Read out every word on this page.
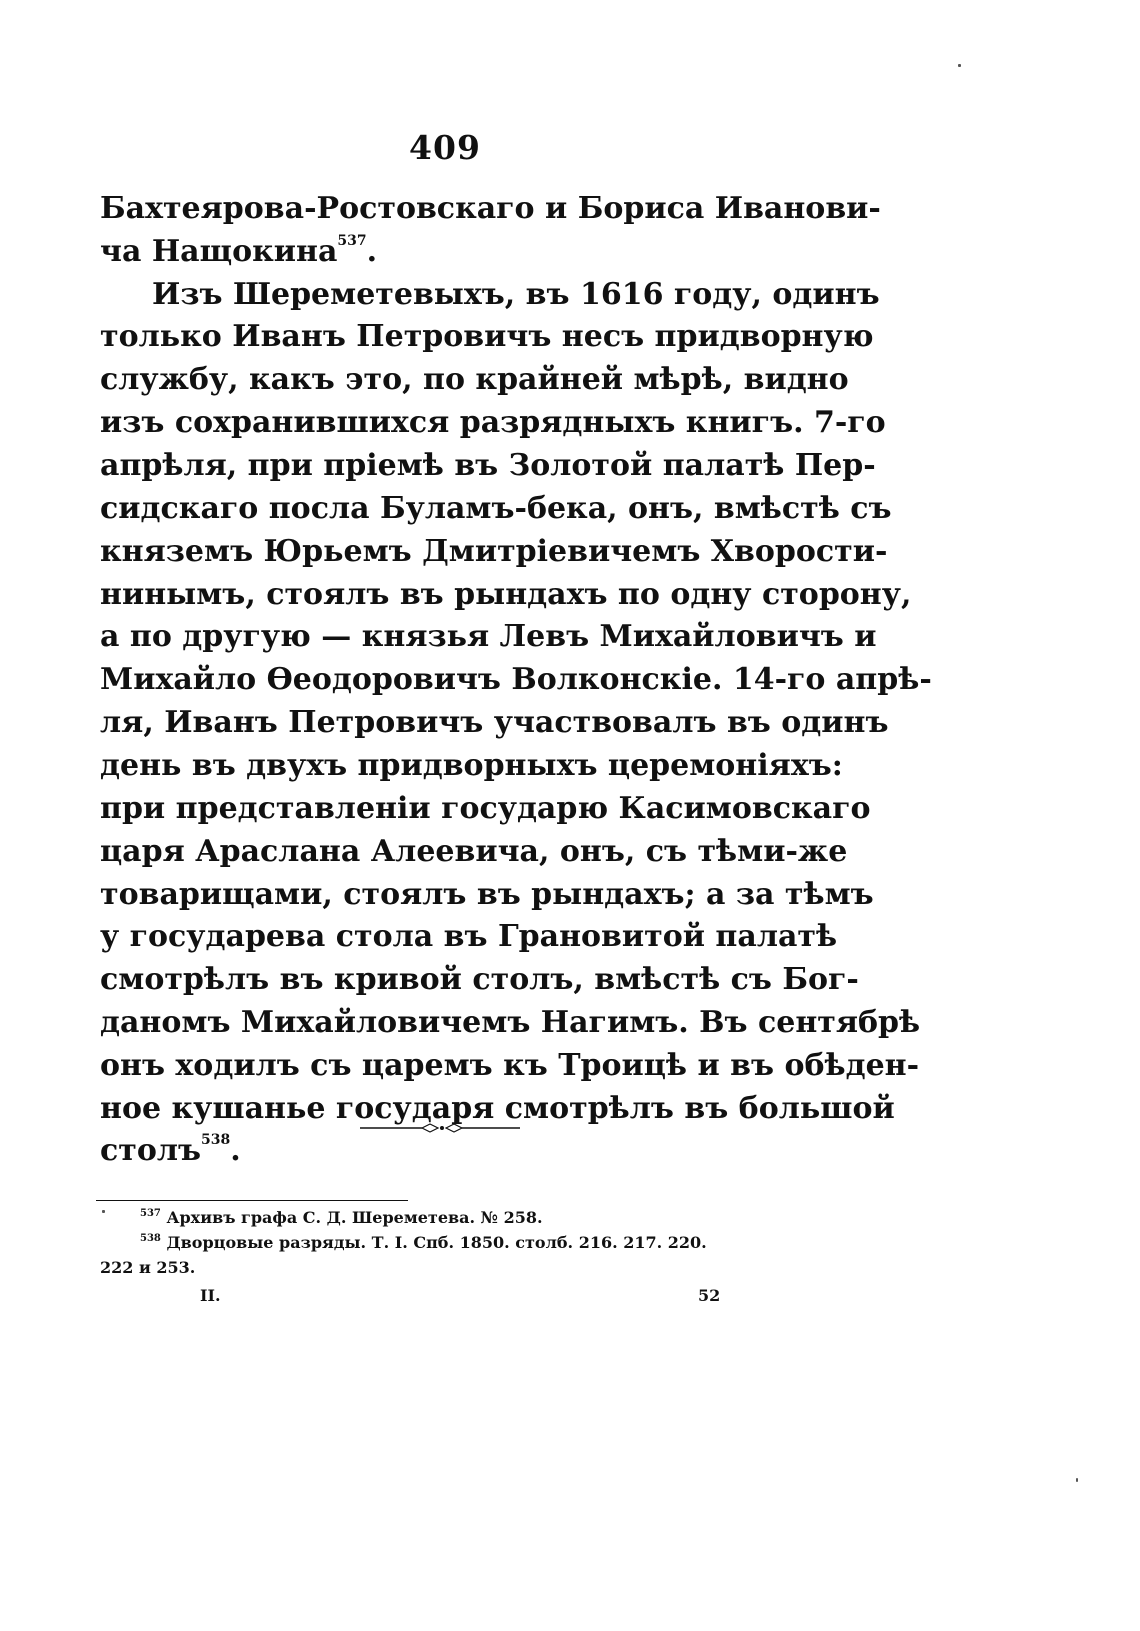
409
Бахтеярова-Ростовскаго и Бориса Иванови-
ча Нащокина$^{537}$.
Изъ Шереметевыхъ, въ 1616 году, одинъ
только Иванъ Петровичъ несъ придворную
службу, какъ это, по крайней мѣрѣ, видно
изъ сохранившихся разрядныхъ книгъ. 7-го
апрѣля, при пріемѣ въ Золотой палатѣ Пер-
сидскаго посла Буламъ-бека, онъ, вмѣстѣ съ
княземъ Юрьемъ Дмитріевичемъ Хворости-
нинымъ, стоялъ въ рындахъ по одну сторону,
а по другую — князья Левъ Михайловичъ и
Михайло Ѳеодоровичъ Волконскіе. 14-го апрѣ-
ля, Иванъ Петровичъ участвовалъ въ одинъ
день въ двухъ придворныхъ церемоніяхъ:
при представленіи государю Касимовскаго
царя Араслана Алеевича, онъ, съ тѣми-же
товарищами, стоялъ въ рындахъ; а за тѣмъ
у государева стола въ Грановитой палатѣ
смотрѣлъ въ кривой столъ, вмѣстѣ съ Бог-
даномъ Михайловичемъ Нагимъ. Въ сентябрѣ
онъ ходилъ съ царемъ къ Троицѣ и въ обѣден-
ное кушанье государя смотрѣлъ въ большой
столъ$^{538}$.
$^{537}$ Архивъ графа С. Д. Шереметева. № 258.
$^{538}$ Дворцовые разряды. Т. I. Спб. 1850. столб. 216. 217. 220.
222 и 253.
II.	52
